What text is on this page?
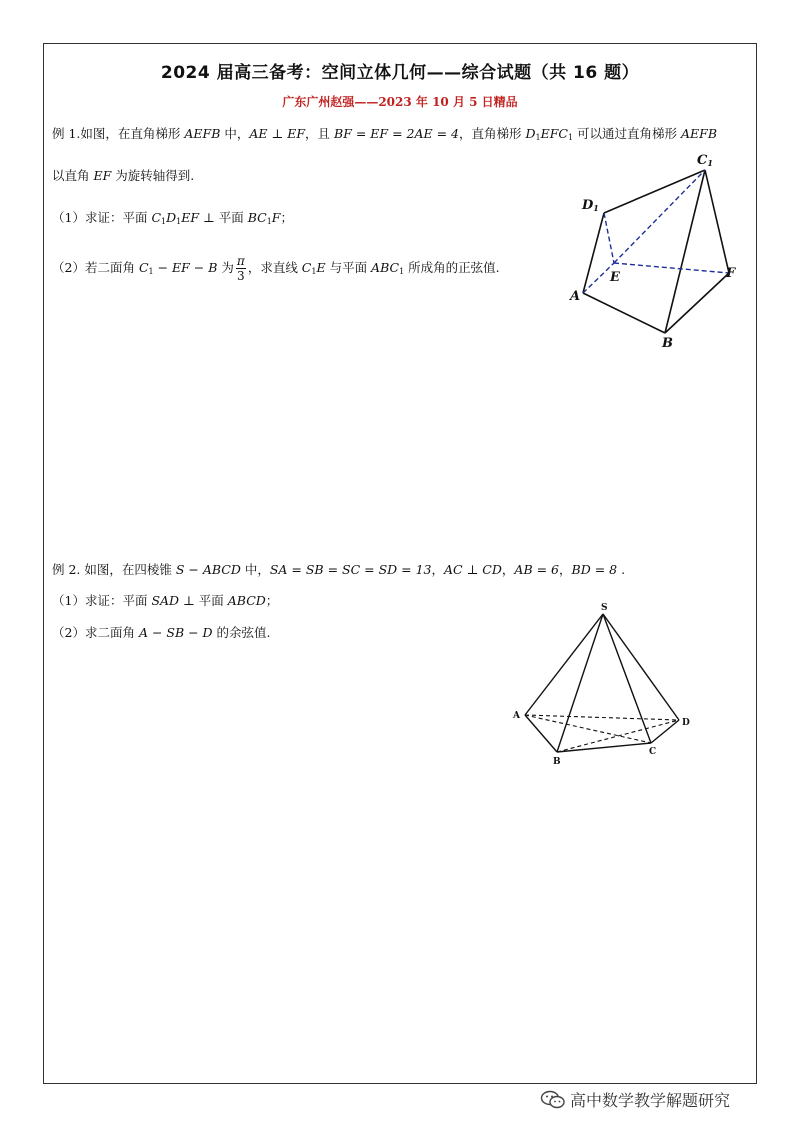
2024 届高三备考：空间立体几何——综合试题（共 16 题）
广东广州赵强——2023 年 10 月 5 日精品
例 1.如图，在直角梯形 AEFB 中，AE ⊥ EF，且 BF = EF = 2AE = 4，直角梯形 $D_1EFC_1$ 可以通过直角梯形 AEFB
以直角 EF 为旋转轴得到.
（1）求证：平面 $C_1D_1EF$ ⊥ 平面 $BC_1F$；
（2）若二面角 $C_1$ − EF − B 为 $\frac{\pi}{3}$ ，求直线 $C_1E$ 与平面 $ABC_1$ 所成角的正弦值.
C1
D1
E	F
A
B
例 2. 如图，在四棱锥 S − ABCD 中，SA = SB = SC = SD = 13，AC ⊥ CD，AB = 6，BD = 8 .
（1）求证：平面 SAD ⊥ 平面 ABCD；
（2）求二面角 A − SB − D 的余弦值.
S
A
B
C
D
高中数学教学解题研究
